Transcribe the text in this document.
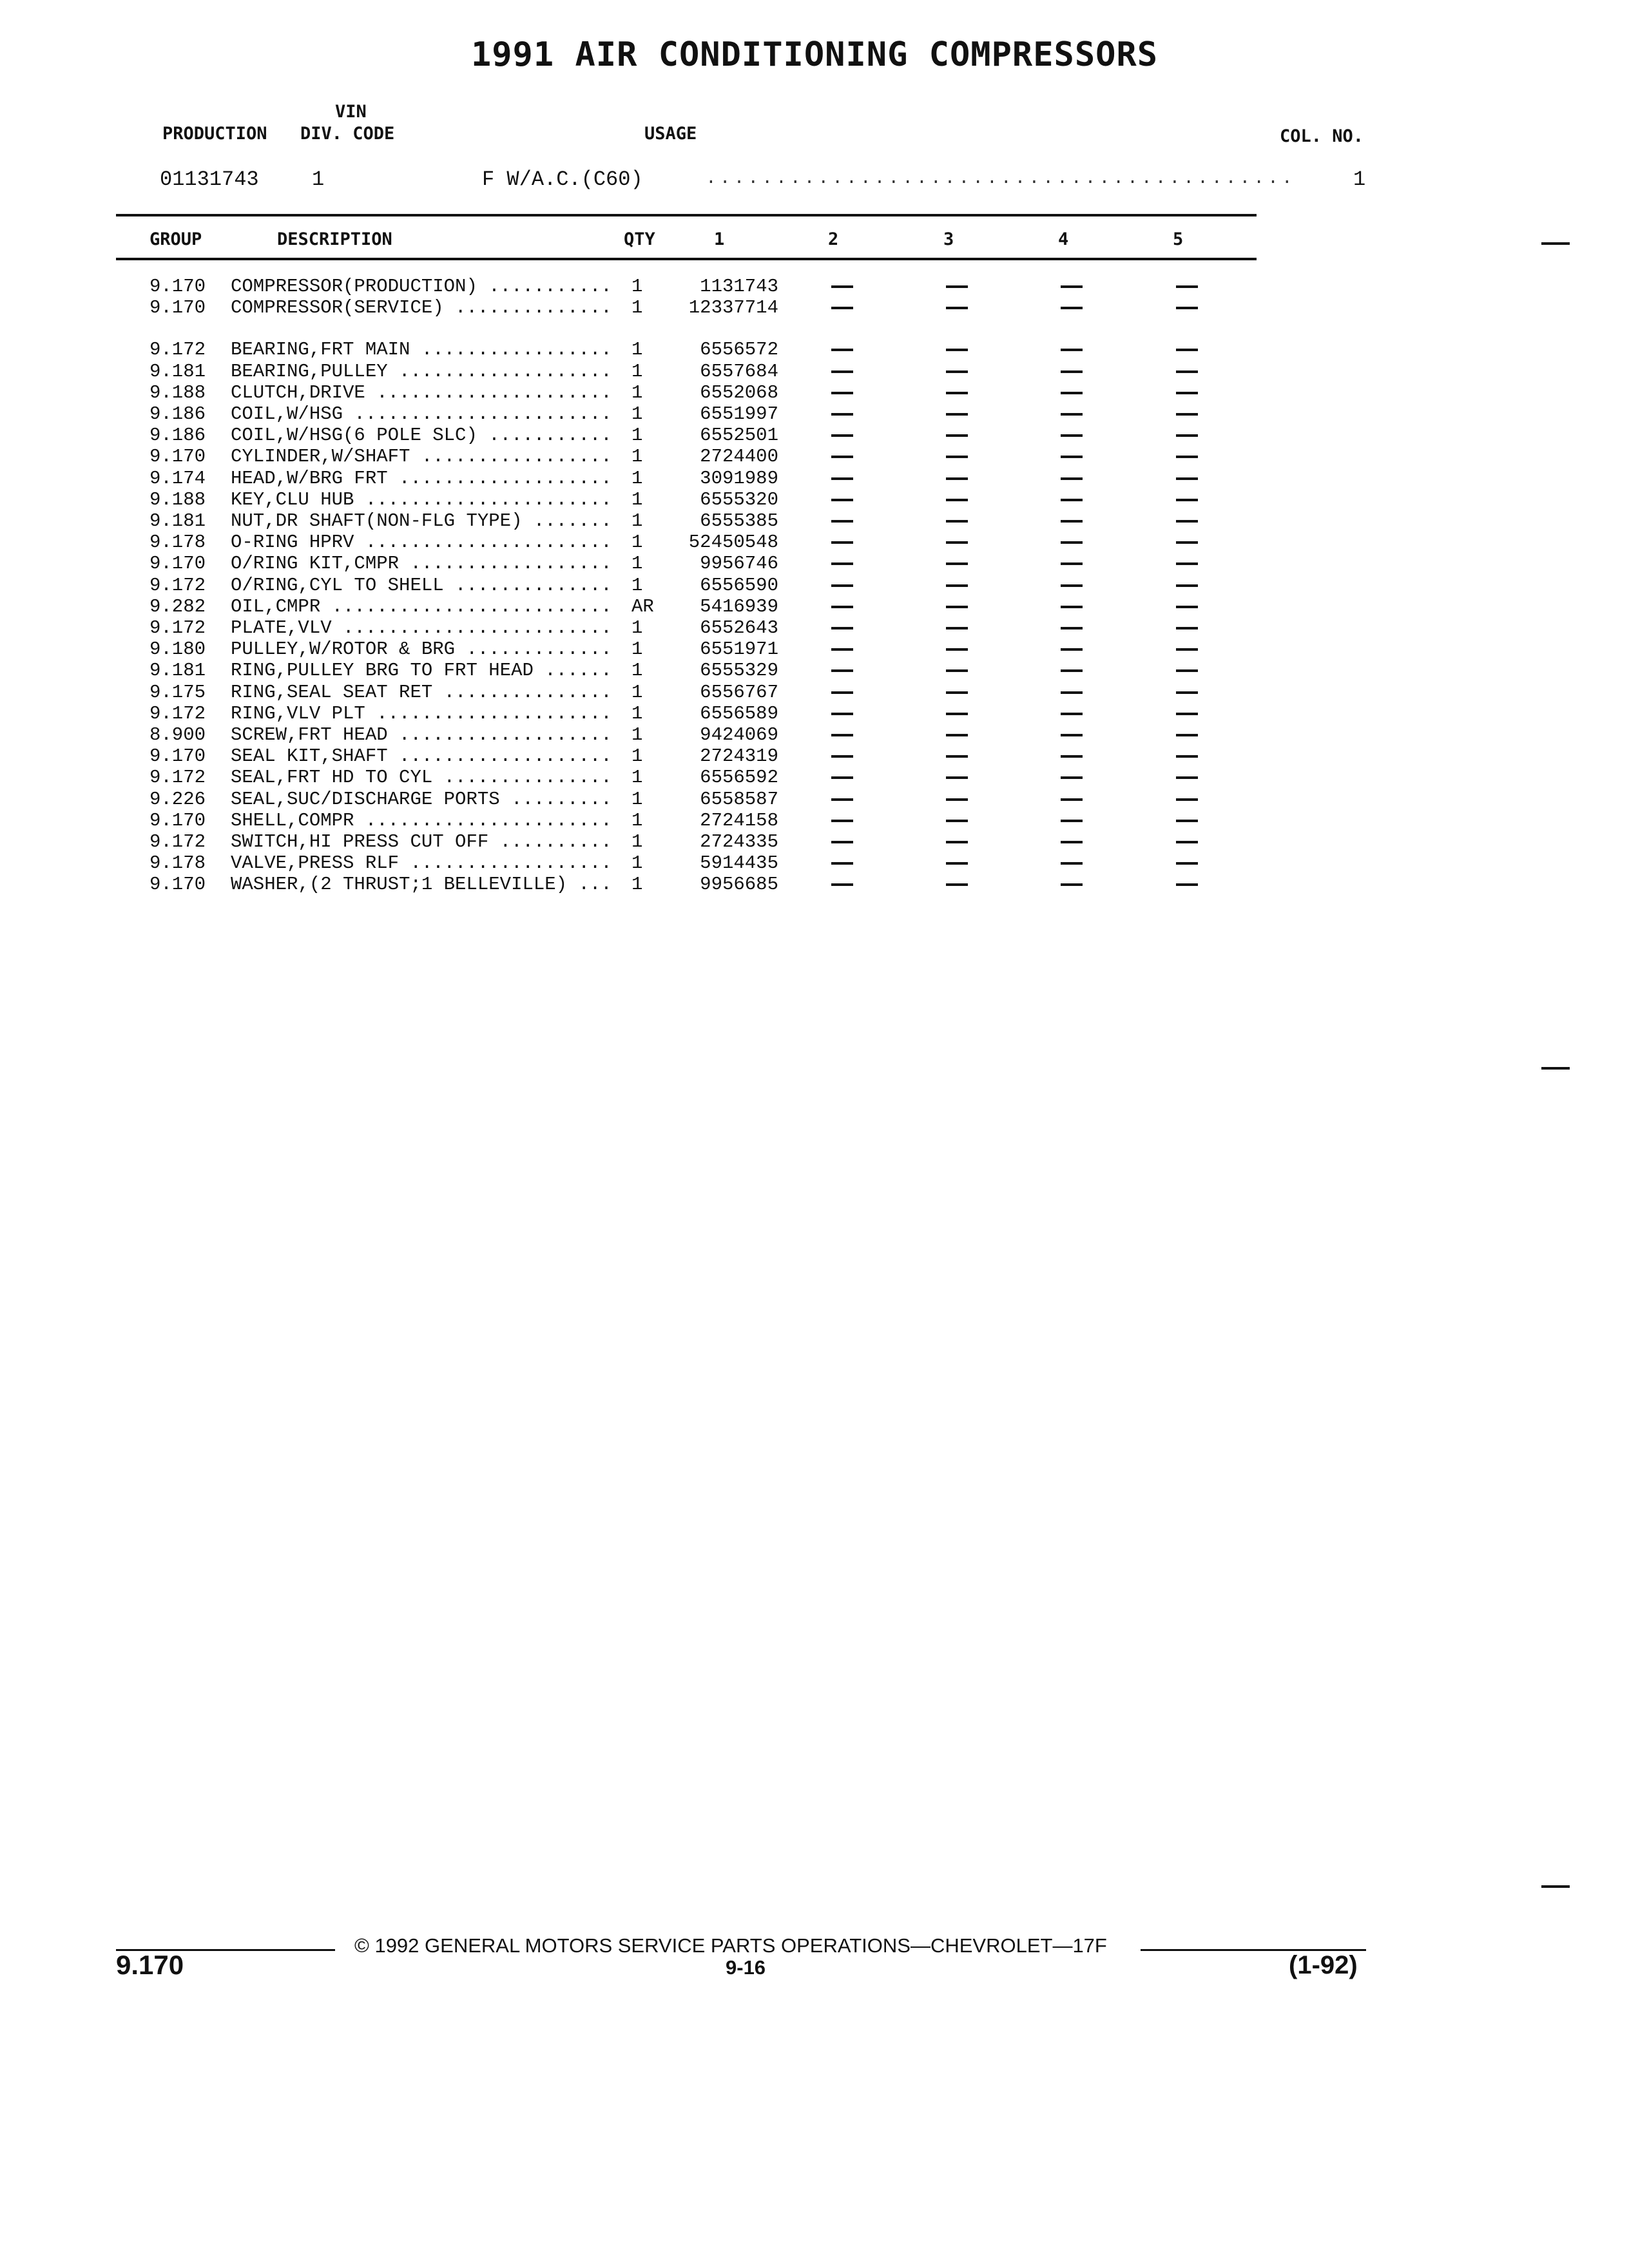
1991 AIR CONDITIONING COMPRESSORS
VIN
PRODUCTION DIV. CODE	USAGE	COL. NO.
01131743	1	F W/A.C.(C60)	..........................................	1
GROUP	DESCRIPTION	QTY	1	2	3	4	5
9.170 COMPRESSOR(PRODUCTION) ...........	1	1131743
9.170 COMPRESSOR(SERVICE) ..............	1 12337714
9.172 BEARING,FRT MAIN .................	1	6556572
9.181 BEARING,PULLEY ...................	1	6557684
9.188 CLUTCH,DRIVE .....................	1	6552068
9.186 COIL,W/HSG .......................	1	6551997
9.186 COIL,W/HSG(6 POLE SLC) ...........	1	6552501
9.170 CYLINDER,W/SHAFT .................	1	2724400
9.174 HEAD,W/BRG FRT ...................	1	3091989
9.188 KEY,CLU HUB ......................	1	6555320
9.181 NUT,DR SHAFT(NON-FLG TYPE) .......	1	6555385
9.178 O-RING HPRV ......................	1 52450548
9.170 O/RING KIT,CMPR ..................	1	9956746
9.172 O/RING,CYL TO SHELL ..............	1	6556590
9.282 OIL,CMPR .........................	AR 5416939
9.172 PLATE,VLV ........................	1	6552643
9.180 PULLEY,W/ROTOR & BRG .............	1	6551971
9.181 RING,PULLEY BRG TO FRT HEAD ......	1	6555329
9.175 RING,SEAL SEAT RET ...............	1	6556767
9.172 RING,VLV PLT .....................	1	6556589
8.900 SCREW,FRT HEAD ...................	1	9424069
9.170 SEAL KIT,SHAFT ...................	1	2724319
9.172 SEAL,FRT HD TO CYL ...............	1	6556592
9.226 SEAL,SUC/DISCHARGE PORTS .........	1	6558587
9.170 SHELL,COMPR ......................	1	2724158
9.172 SWITCH,HI PRESS CUT OFF ..........	1	2724335
9.178 VALVE,PRESS RLF ..................	1	5914435
9.170 WASHER,(2 THRUST;1 BELLEVILLE) ...	1	9956685
© 1992 GENERAL MOTORS SERVICE PARTS OPERATIONS—CHEVROLET—17F
9.170	9-16	(1-92)
